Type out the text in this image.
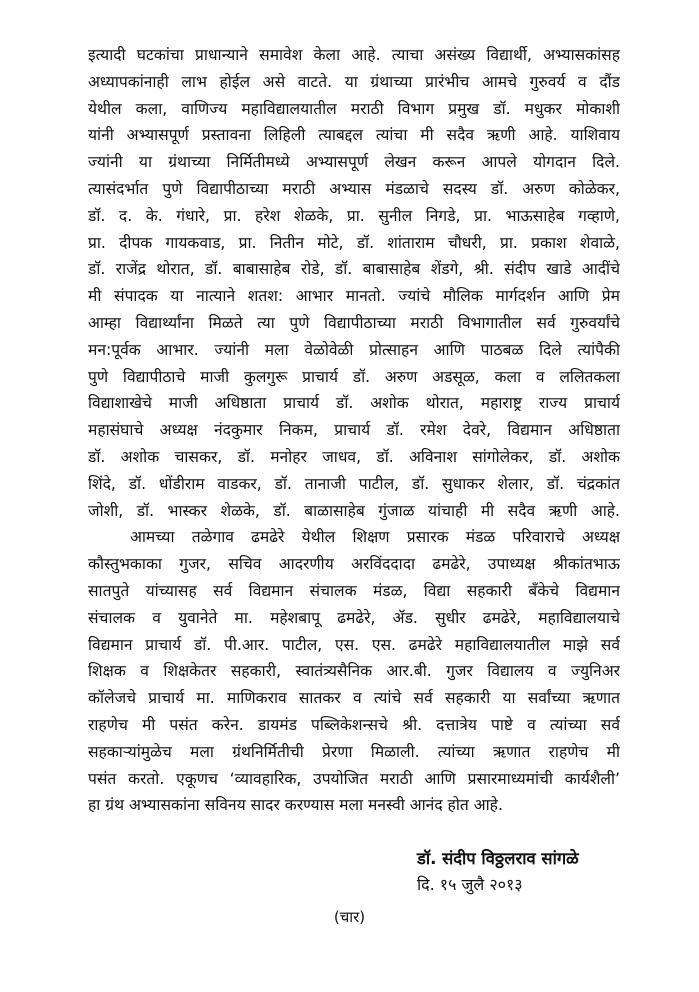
इत्यादी घटकांचा प्राधान्याने समावेश केला आहे. त्याचा असंख्य विद्यार्थी, अभ्यासकांसह
अध्यापकांनाही लाभ होईल असे वाटते. या ग्रंथाच्या प्रारंभीच आमचे गुरुवर्य व दौंड
येथील कला, वाणिज्य महाविद्यालयातील मराठी विभाग प्रमुख डॉ. मधुकर मोकाशी
यांनी अभ्यासपूर्ण प्रस्तावना लिहिली त्याबद्दल त्यांचा मी सदैव ऋणी आहे. याशिवाय
ज्यांनी या ग्रंथाच्या निर्मितीमध्ये अभ्यासपूर्ण लेखन करून आपले योगदान दिले.
त्यासंदर्भात पुणे विद्यापीठाच्या मराठी अभ्यास मंडळाचे सदस्य डॉ. अरुण कोळेकर,
डॉ. द. के. गंधारे, प्रा. हरेश शेळके, प्रा. सुनील निगडे, प्रा. भाऊसाहेब गव्हाणे,
प्रा. दीपक गायकवाड, प्रा. नितीन मोटे, डॉ. शांताराम चौधरी, प्रा. प्रकाश शेवाळे,
डॉ. राजेंद्र थोरात, डॉ. बाबासाहेब रोडे, डॉ. बाबासाहेब शेंडगे, श्री. संदीप खाडे आदींचे
मी संपादक या नात्याने शतश: आभार मानतो. ज्यांचे मौलिक मार्गदर्शन आणि प्रेम
आम्हा विद्यार्थ्यांना मिळते त्या पुणे विद्यापीठाच्या मराठी विभागातील सर्व गुरुवर्यांचे
मन:पूर्वक आभार. ज्यांनी मला वेळोवेळी प्रोत्साहन आणि पाठबळ दिले त्यांपैकी
पुणे विद्यापीठाचे माजी कुलगुरू प्राचार्य डॉ. अरुण अडसूळ, कला व ललितकला
विद्याशाखेचे माजी अधिष्ठाता प्राचार्य डॉ. अशोक थोरात, महाराष्ट्र राज्य प्राचार्य
महासंघाचे अध्यक्ष नंदकुमार निकम, प्राचार्य डॉ. रमेश देवरे, विद्यमान अधिष्ठाता
डॉ. अशोक चासकर, डॉ. मनोहर जाधव, डॉ. अविनाश सांगोलेकर, डॉ. अशोक
शिंदे, डॉ. धोंडीराम वाडकर, डॉ. तानाजी पाटील, डॉ. सुधाकर शेलार, डॉ. चंद्रकांत
जोशी, डॉ. भास्कर शेळके, डॉ. बाळासाहेब गुंजाळ यांचाही मी सदैव ऋणी आहे.
आमच्या तळेगाव ढमढेरे येथील शिक्षण प्रसारक मंडळ परिवाराचे अध्यक्ष
कौस्तुभकाका गुजर, सचिव आदरणीय अरविंददादा ढमढेरे, उपाध्यक्ष श्रीकांतभाऊ
सातपुते यांच्यासह सर्व विद्यमान संचालक मंडळ, विद्या सहकारी बँकेचे विद्यमान
संचालक व युवानेते मा. महेशबापू ढमढेरे, ॲड. सुधीर ढमढेरे, महाविद्यालयाचे
विद्यमान प्राचार्य डॉ. पी.आर. पाटील, एस. एस. ढमढेरे महाविद्यालयातील माझे सर्व
शिक्षक व शिक्षकेतर सहकारी, स्वातंत्र्यसैनिक आर.बी. गुजर विद्यालय व ज्युनिअर
कॉलेजचे प्राचार्य मा. माणिकराव सातकर व त्यांचे सर्व सहकारी या सर्वांच्या ऋणात
राहणेच मी पसंत करेन. डायमंड पब्लिकेशन्सचे श्री. दत्तात्रेय पाष्टे व त्यांच्या सर्व
सहकाऱ्यांमुळेच मला ग्रंथनिर्मितीची प्रेरणा मिळाली. त्यांच्या ऋणात राहणेच मी
पसंत करतो. एकूणच ‘व्यावहारिक, उपयोजित मराठी आणि प्रसारमाध्यमांची कार्यशैली’
हा ग्रंथ अभ्यासकांना सविनय सादर करण्यास मला मनस्वी आनंद होत आहे.
डॉ. संदीप विठ्ठलराव सांगळे
दि. १५ जुलै २०१३
(चार)
